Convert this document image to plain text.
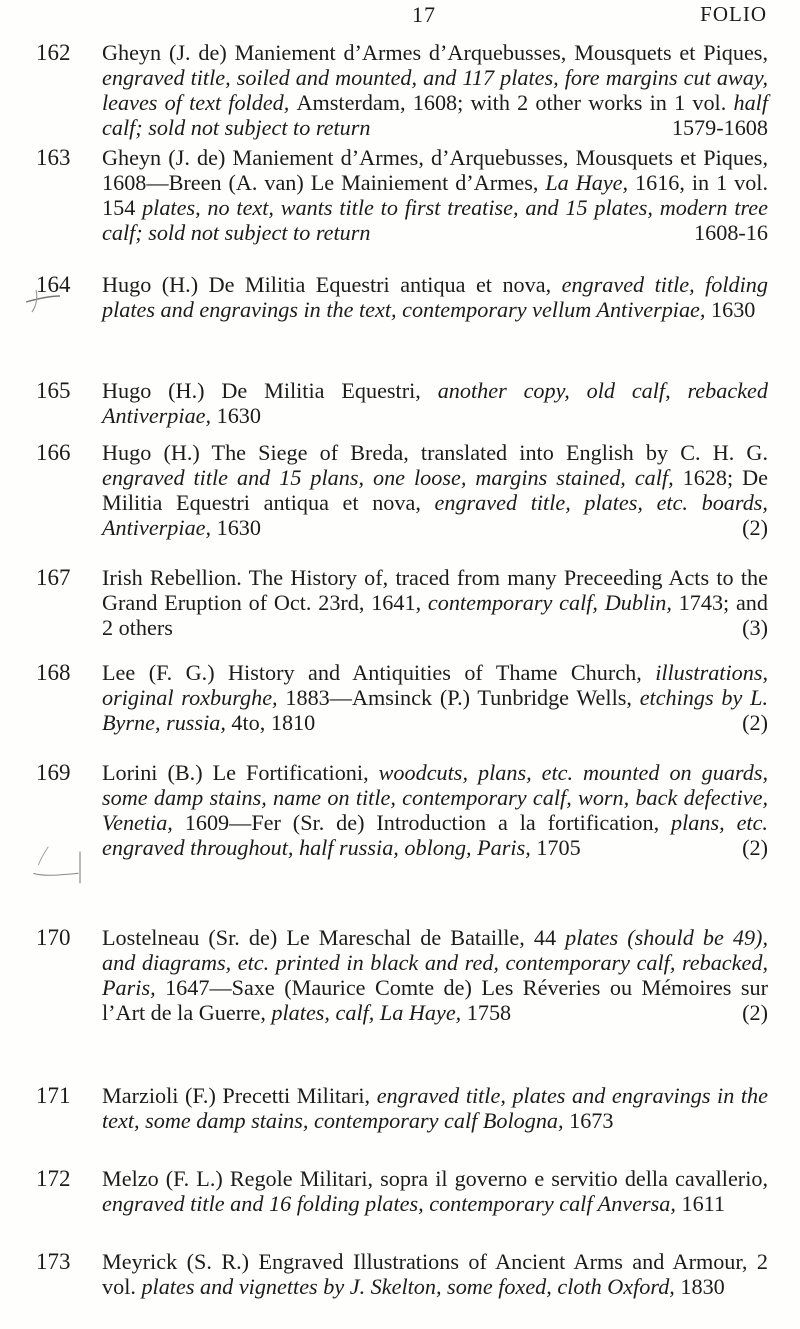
17	FOLIO
162	Gheyn (J. de) Maniement d’Armes d’Arquebusses, Mousquets et Piques, engraved title, soiled and mounted, and 117 plates, fore margins cut away, leaves of text folded, Amsterdam, 1608; with 2 other works in 1 vol. half calf; sold not subject to return	1579-1608
163	Gheyn (J. de) Maniement d’Armes, d’Arquebusses, Mousquets et Piques, 1608—Breen (A. van) Le Mainiement d’Armes, La Haye, 1616, in 1 vol. 154 plates, no text, wants title to first treatise, and 15 plates, modern tree calf; sold not subject to return	1608-16
164	Hugo (H.) De Militia Equestri antiqua et nova, engraved title, folding plates and engravings in the text, contemporary vellum Antiverpiae, 1630
165	Hugo (H.) De Militia Equestri, another copy, old calf, rebacked Antiverpiae, 1630
166	Hugo (H.) The Siege of Breda, translated into English by C. H. G. engraved title and 15 plans, one loose, margins stained, calf, 1628; De Militia Equestri antiqua et nova, engraved title, plates, etc. boards, Antiverpiae, 1630	(2)
167	Irish Rebellion. The History of, traced from many Preceeding Acts to the Grand Eruption of Oct. 23rd, 1641, contemporary calf, Dublin, 1743; and 2 others	(3)
168	Lee (F. G.) History and Antiquities of Thame Church, illustrations, original roxburghe, 1883—Amsinck (P.) Tunbridge Wells, etchings by L. Byrne, russia, 4to, 1810	(2)
169	Lorini (B.) Le Fortificationi, woodcuts, plans, etc. mounted on guards, some damp stains, name on title, contemporary calf, worn, back defective, Venetia, 1609—Fer (Sr. de) Introduction a la fortification, plans, etc. engraved throughout, half russia, oblong, Paris, 1705	(2)
170	Lostelneau (Sr. de) Le Mareschal de Bataille, 44 plates (should be 49), and diagrams, etc. printed in black and red, contemporary calf, rebacked, Paris, 1647—Saxe (Maurice Comte de) Les Réveries ou Mémoires sur l’Art de la Guerre, plates, calf, La Haye, 1758	(2)
171	Marzioli (F.) Precetti Militari, engraved title, plates and engravings in the text, some damp stains, contemporary calf Bologna, 1673
172	Melzo (F. L.) Regole Militari, sopra il governo e servitio della cavallerio, engraved title and 16 folding plates, contemporary calf Anversa, 1611
173	Meyrick (S. R.) Engraved Illustrations of Ancient Arms and Armour, 2 vol. plates and vignettes by J. Skelton, some foxed, cloth Oxford, 1830
